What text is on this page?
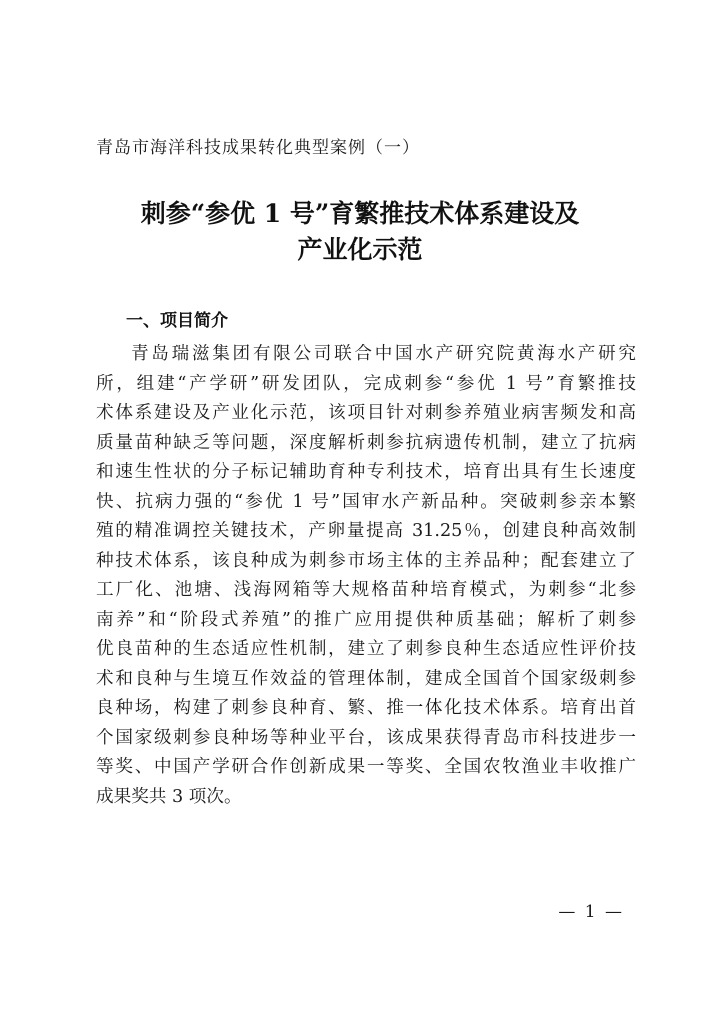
青岛市海洋科技成果转化典型案例（一）
刺参“参优 1 号”育繁推技术体系建设及
产业化示范
一、项目简介
青岛瑞滋集团有限公司联合中国水产研究院黄海水产研究
所，组建“产学研”研发团队，完成刺参“参优 1 号”育繁推技
术体系建设及产业化示范，该项目针对刺参养殖业病害频发和高
质量苗种缺乏等问题，深度解析刺参抗病遗传机制，建立了抗病
和速生性状的分子标记辅助育种专利技术，培育出具有生长速度
快、抗病力强的“参优 1 号”国审水产新品种。突破刺参亲本繁
殖的精准调控关键技术，产卵量提高 31.25％，创建良种高效制
种技术体系，该良种成为刺参市场主体的主养品种；配套建立了
工厂化、池塘、浅海网箱等大规格苗种培育模式，为刺参“北参
南养”和“阶段式养殖”的推广应用提供种质基础；解析了刺参
优良苗种的生态适应性机制，建立了刺参良种生态适应性评价技
术和良种与生境互作效益的管理体制，建成全国首个国家级刺参
良种场，构建了刺参良种育、繁、推一体化技术体系。培育出首
个国家级刺参良种场等种业平台，该成果获得青岛市科技进步一
等奖、中国产学研合作创新成果一等奖、全国农牧渔业丰收推广
成果奖共 3 项次。
— 1 —
